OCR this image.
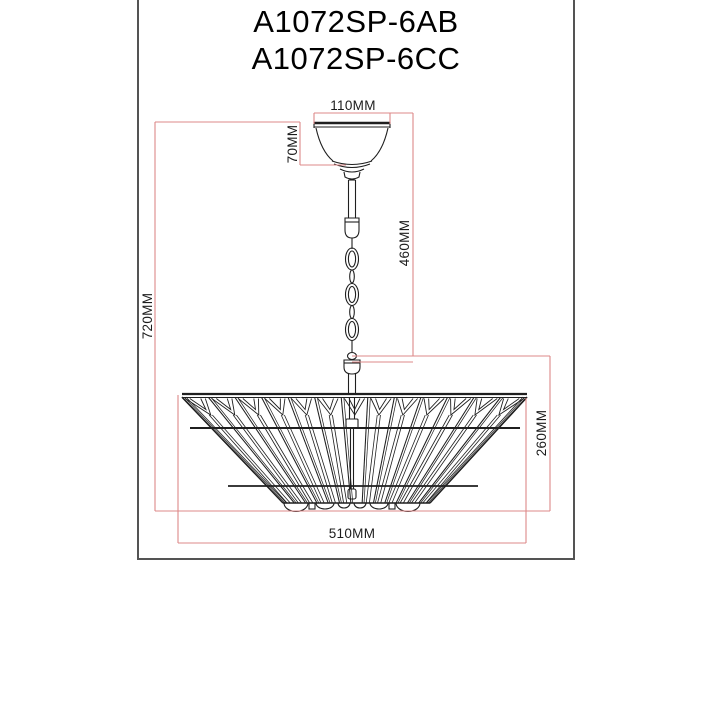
A1072SP-6AB
A1072SP-6CC
110MM
70MM
460MM
720MM
260MM
510MM
